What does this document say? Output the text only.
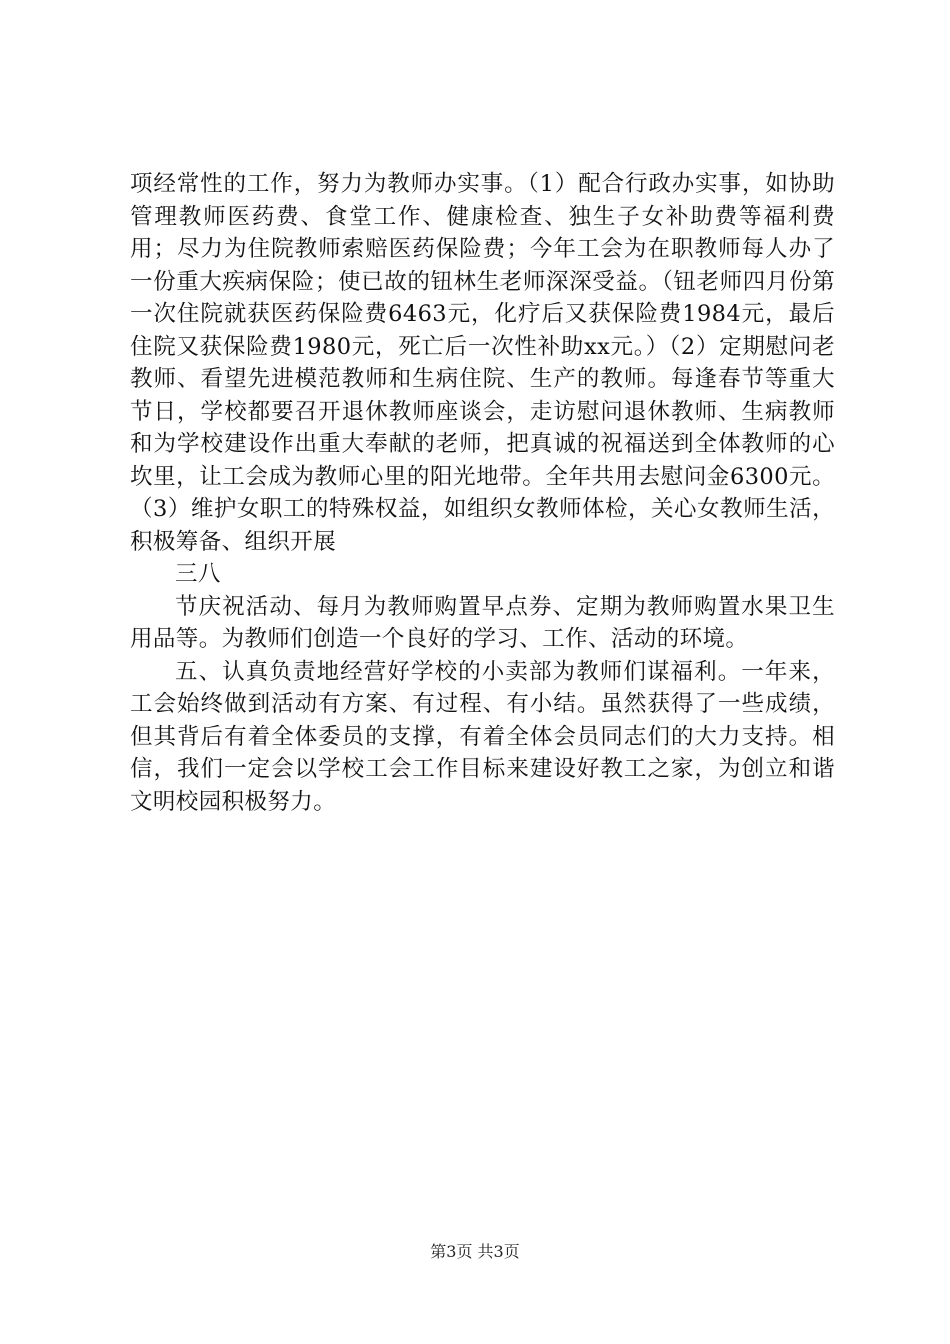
项经常性的工作，努力为教师办实事。（1）配合行政办实事，如协助管理教师医药费、食堂工作、健康检查、独生子女补助费等福利费用；尽力为住院教师索赔医药保险费；今年工会为在职教师每人办了一份重大疾病保险；使已故的钮林生老师深深受益。（钮老师四月份第一次住院就获医药保险费6463元，化疗后又获保险费1984元，最后住院又获保险费1980元，死亡后一次性补助xx元。）（2）定期慰问老教师、看望先进模范教师和生病住院、生产的教师。每逢春节等重大节日，学校都要召开退休教师座谈会，走访慰问退休教师、生病教师和为学校建设作出重大奉献的老师，把真诚的祝福送到全体教师的心坎里，让工会成为教师心里的阳光地带。全年共用去慰问金6300元。（3）维护女职工的特殊权益，如组织女教师体检，关心女教师生活，积极筹备、组织开展

三八

节庆祝活动、每月为教师购置早点券、定期为教师购置水果卫生用品等。为教师们创造一个良好的学习、工作、活动的环境。

五、认真负责地经营好学校的小卖部为教师们谋福利。一年来，工会始终做到活动有方案、有过程、有小结。虽然获得了一些成绩，但其背后有着全体委员的支撑，有着全体会员同志们的大力支持。相信，我们一定会以学校工会工作目标来建设好教工之家，为创立和谐文明校园积极努力。

第3页 共3页
